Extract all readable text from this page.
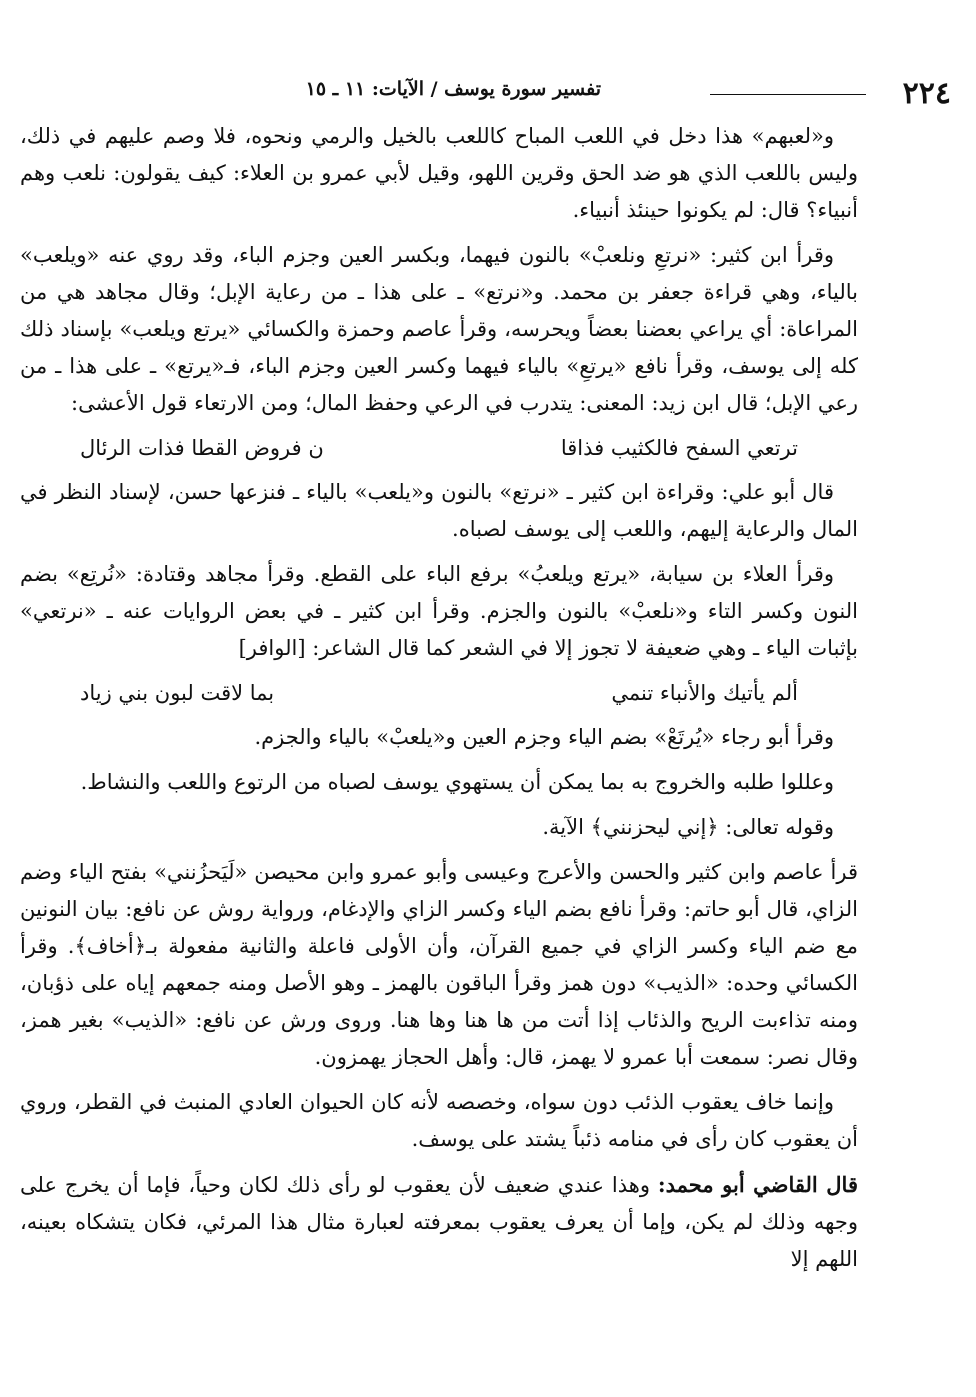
٢٢٤
تفسير سورة يوسف / الآيات: ١١ ـ ١٥

و«لعبهم» هذا دخل في اللعب المباح كاللعب بالخيل والرمي ونحوه، فلا وصم عليهم في ذلك، وليس باللعب الذي هو ضد الحق وقرين اللهو، وقيل لأبي عمرو بن العلاء: كيف يقولون: نلعب وهم أنبياء؟ قال: لم يكونوا حينئذ أنبياء.

وقرأ ابن كثير: «نرتعِ ونلعبْ» بالنون فيهما، وبكسر العين وجزم الباء، وقد روي عنه «ويلعب» بالياء، وهي قراءة جعفر بن محمد. و«نرتع» ـ على هذا ـ من رعاية الإبل؛ وقال مجاهد هي من المراعاة: أي يراعي بعضنا بعضاً ويحرسه، وقرأ عاصم وحمزة والكسائي «يرتع ويلعب» بإسناد ذلك كله إلى يوسف، وقرأ نافع «يرتعِ» بالياء فيهما وكسر العين وجزم الباء، فـ«يرتع» ـ على هذا ـ من رعي الإبل؛ قال ابن زيد: المعنى: يتدرب في الرعي وحفظ المال؛ ومن الارتعاء قول الأعشى:

ترتعي السفح فالكثيب فذاقا
ن فروض القطا فذات الرئال

قال أبو علي: وقراءة ابن كثير ـ «نرتع» بالنون و«يلعب» بالياء ـ فنزعها حسن، لإسناد النظر في المال والرعاية إليهم، واللعب إلى يوسف لصباه.

وقرأ العلاء بن سيابة، «يرتع ويلعبُ» برفع الباء على القطع. وقرأ مجاهد وقتادة: «نُرتِع» بضم النون وكسر التاء و«نلعبْ» بالنون والجزم. وقرأ ابن كثير ـ في بعض الروايات عنه ـ «نرتعي» بإثبات الياء ـ وهي ضعيفة لا تجوز إلا في الشعر كما قال الشاعر: [الوافر]

ألم يأتيك والأنباء تنمي
بما لاقت لبون بني زياد

وقرأ أبو رجاء «يُرتَعْ» بضم الياء وجزم العين و«يلعبْ» بالياء والجزم.

وعللوا طلبه والخروج به بما يمكن أن يستهوي يوسف لصباه من الرتوع واللعب والنشاط.

وقوله تعالى: ﴿إني ليحزنني﴾ الآية.

قرأ عاصم وابن كثير والحسن والأعرج وعيسى وأبو عمرو وابن محيصن «لَيَحزُنني» بفتح الياء وضم الزاي، قال أبو حاتم: وقرأ نافع بضم الياء وكسر الزاي والإدغام، ورواية روش عن نافع: بيان النونين مع ضم الياء وكسر الزاي في جميع القرآن، وأن الأولى فاعلة والثانية مفعولة بـ﴿أخاف﴾. وقرأ الكسائي وحده: «الذيب» دون همز وقرأ الباقون بالهمز ـ وهو الأصل ومنه جمعهم إياه على ذؤبان، ومنه تذاءبت الريح والذئاب إذا أتت من ها هنا وها هنا. وروى ورش عن نافع: «الذيب» بغير همز، وقال نصر: سمعت أبا عمرو لا يهمز، قال: وأهل الحجاز يهمزون.

وإنما خاف يعقوب الذئب دون سواه، وخصصه لأنه كان الحيوان العادي المنبث في القطر، وروي أن يعقوب كان رأى في منامه ذئباً يشتد على يوسف.

قال القاضي أبو محمد: وهذا عندي ضعيف لأن يعقوب لو رأى ذلك لكان وحياً، فإما أن يخرج على وجهه وذلك لم يكن، وإما أن يعرف يعقوب بمعرفته لعبارة مثال هذا المرئي، فكان يتشكاه بعينه، اللهم إلا
